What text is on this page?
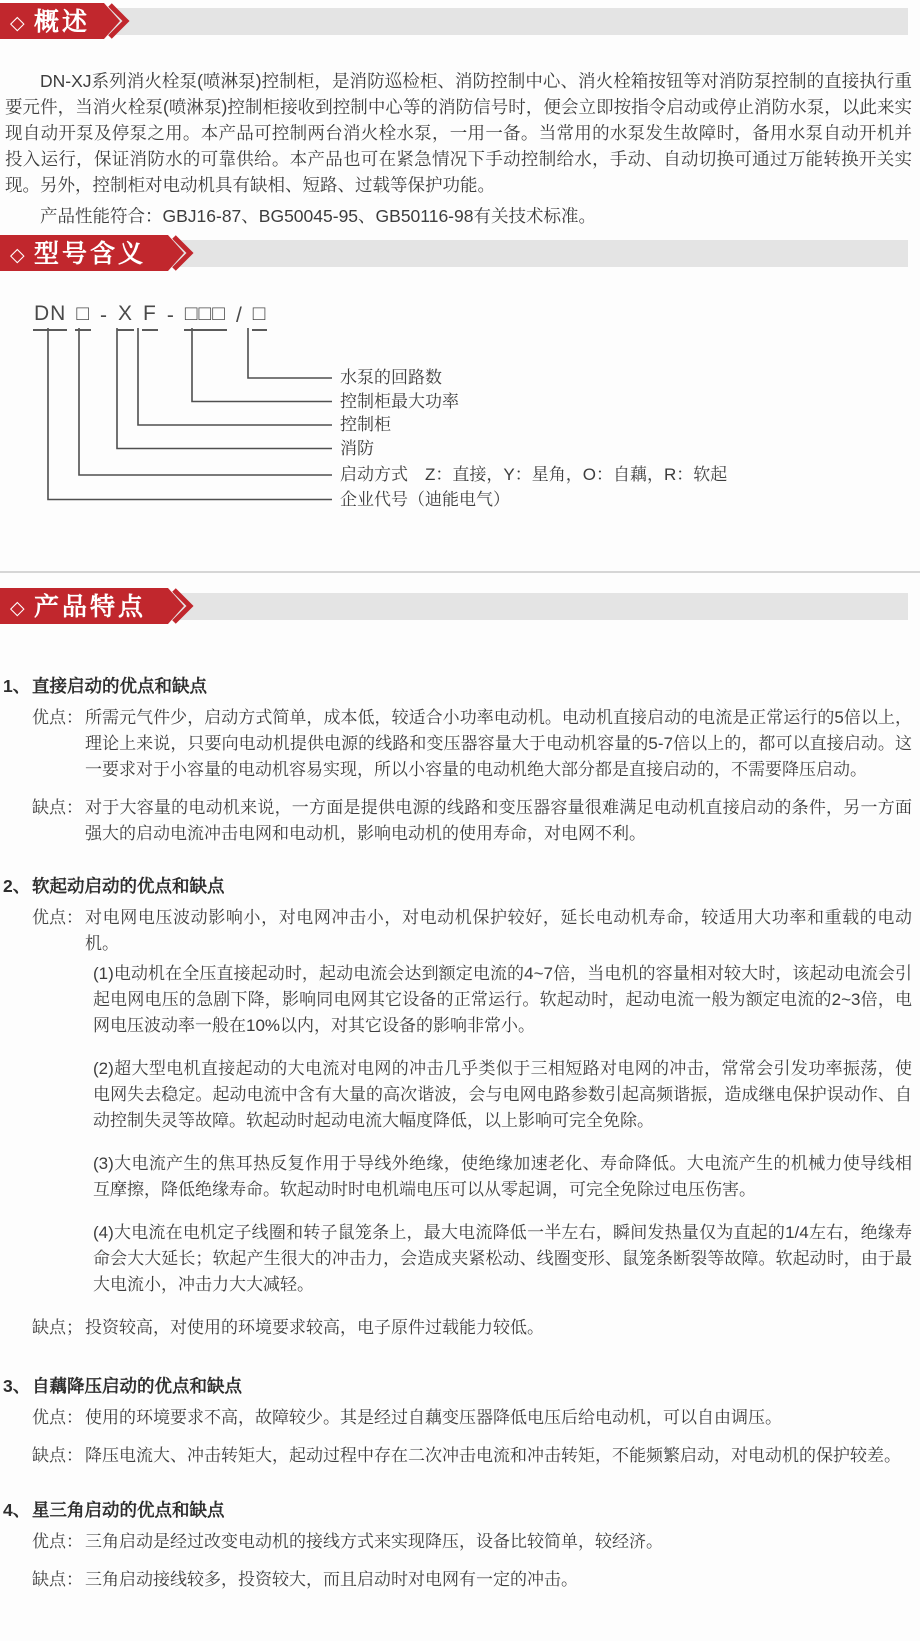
◇ 概述

DN-XJ系列消火栓泵(喷淋泵)控制柜，是消防巡检柜、消防控制中心、消火栓箱按钮等对消防泵控制的直接执行重要元件，当消火栓泵(喷淋泵)控制柜接收到控制中心等的消防信号时，便会立即按指令启动或停止消防水泵，以此来实现自动开泵及停泵之用。本产品可控制两台消火栓水泵，一用一备。当常用的水泵发生故障时，备用水泵自动开机并投入运行，保证消防水的可靠供给。本产品也可在紧急情况下手动控制给水，手动、自动切换可通过万能转换开关实现。另外，控制柜对电动机具有缺相、短路、过载等保护功能。

产品性能符合：GBJ16-87、BG50045-95、GB50116-98有关技术标准。

◇ 型号含义
DN □ - X F - □□□ / □
水泵的回路数
控制柜最大功率
控制柜
消防
启动方式　Z：直接，Y：星角，O：自藕，R：软起
企业代号（迪能电气）
◇ 产品特点
1、 直接启动的优点和缺点
优点： 所需元气件少，启动方式简单，成本低，较适合小功率电动机。电动机直接启动的电流是正常运行的5倍以上，理论上来说，只要向电动机提供电源的线路和变压器容量大于电动机容量的5-7倍以上的，都可以直接启动。这一要求对于小容量的电动机容易实现，所以小容量的电动机绝大部分都是直接启动的，不需要降压启动。
缺点： 对于大容量的电动机来说，一方面是提供电源的线路和变压器容量很难满足电动机直接启动的条件，另一方面强大的启动电流冲击电网和电动机，影响电动机的使用寿命，对电网不利。
2、 软起动启动的优点和缺点
优点： 对电网电压波动影响小，对电网冲击小，对电动机保护较好，延长电动机寿命，较适用大功率和重载的电动机。

(1)电动机在全压直接起动时，起动电流会达到额定电流的4~7倍，当电机的容量相对较大时，该起动电流会引起电网电压的急剧下降，影响同电网其它设备的正常运行。软起动时，起动电流一般为额定电流的2~3倍，电网电压波动率一般在10%以内，对其它设备的影响非常小。

(2)超大型电机直接起动的大电流对电网的冲击几乎类似于三相短路对电网的冲击，常常会引发功率振荡，使电网失去稳定。起动电流中含有大量的高次谐波，会与电网电路参数引起高频谐振，造成继电保护误动作、自动控制失灵等故障。软起动时起动电流大幅度降低，以上影响可完全免除。

(3)大电流产生的焦耳热反复作用于导线外绝缘，使绝缘加速老化、寿命降低。大电流产生的机械力使导线相互摩擦，降低绝缘寿命。软起动时时电机端电压可以从零起调，可完全免除过电压伤害。

(4)大电流在电机定子线圈和转子鼠笼条上，最大电流降低一半左右，瞬间发热量仅为直起的1/4左右，绝缘寿命会大大延长；软起产生很大的冲击力，会造成夹紧松动、线圈变形、鼠笼条断裂等故障。软起动时，由于最大电流小，冲击力大大减轻。

缺点； 投资较高，对使用的环境要求较高，电子原件过载能力较低。
3、 自藕降压启动的优点和缺点
优点： 使用的环境要求不高，故障较少。其是经过自藕变压器降低电压后给电动机，可以自由调压。
缺点： 降压电流大、冲击转矩大，起动过程中存在二次冲击电流和冲击转矩，不能频繁启动，对电动机的保护较差。
4、 星三角启动的优点和缺点
优点： 三角启动是经过改变电动机的接线方式来实现降压，设备比较简单，较经济。
缺点： 三角启动接线较多，投资较大，而且启动时对电网有一定的冲击。
